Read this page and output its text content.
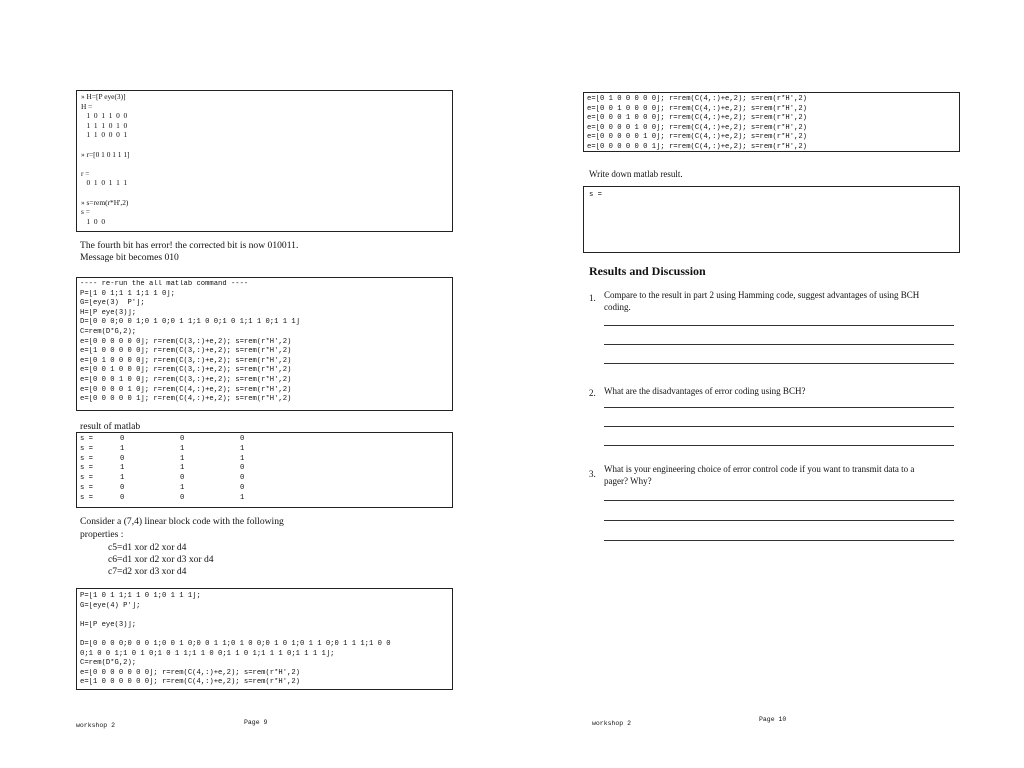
» H=[P eye(3)]
H =
1  0  1  1  0  0
1  1  1  0  1  0
1  1  0  0  0  1
» r=[0 1 0 1 1 1]
r =
0  1  0  1  1  1
» s=rem(r*H',2)
s =
1  0  0
The fourth bit has error! the corrected bit is now 010011.
Message bit becomes 010
---- re-run the all matlab command ----
P=[1 0 1;1 1 1;1 1 0];
G=[eye(3)  P'];
H=[P eye(3)];
D=[0 0 0;0 0 1;0 1 0;0 1 1;1 0 0;1 0 1;1 1 0;1 1 1]
C=rem(D*G,2);
e=[0 0 0 0 0 0]; r=rem(C(3,:)+e,2); s=rem(r*H',2)
e=[1 0 0 0 0 0]; r=rem(C(3,:)+e,2); s=rem(r*H',2)
e=[0 1 0 0 0 0]; r=rem(C(3,:)+e,2); s=rem(r*H',2)
e=[0 0 1 0 0 0]; r=rem(C(3,:)+e,2); s=rem(r*H',2)
e=[0 0 0 1 0 0]; r=rem(C(3,:)+e,2); s=rem(r*H',2)
e=[0 0 0 0 1 0]; r=rem(C(4,:)+e,2); s=rem(r*H',2)
e=[0 0 0 0 0 1]; r=rem(C(4,:)+e,2); s=rem(r*H',2)
result of matlab
s =	0	0	0
s =	1	1	1
s =	0	1	1
s =	1	1	0
s =	1	0	0
s =	0	1	0
s =	0	0	1
Consider a (7,4) linear block code with the following
properties :
c5=d1 xor d2 xor d4
c6=d1 xor d2 xor d3 xor d4
c7=d2 xor d3 xor d4
P=[1 0 1 1;1 1 0 1;0 1 1 1];
G=[eye(4) P'];
H=[P eye(3)];
D=[0 0 0 0;0 0 0 1;0 0 1 0;0 0 1 1;0 1 0 0;0 1 0 1;0 1 1 0;0 1 1 1;1 0 0
0;1 0 0 1;1 0 1 0;1 0 1 1;1 1 0 0;1 1 0 1;1 1 1 0;1 1 1 1];
C=rem(D*G,2);
e=[0 0 0 0 0 0 0]; r=rem(C(4,:)+e,2); s=rem(r*H',2)
e=[1 0 0 0 0 0 0]; r=rem(C(4,:)+e,2); s=rem(r*H',2)
workshop 2	Page 9
e=[0 1 0 0 0 0 0]; r=rem(C(4,:)+e,2); s=rem(r*H',2)
e=[0 0 1 0 0 0 0]; r=rem(C(4,:)+e,2); s=rem(r*H',2)
e=[0 0 0 1 0 0 0]; r=rem(C(4,:)+e,2); s=rem(r*H',2)
e=[0 0 0 0 1 0 0]; r=rem(C(4,:)+e,2); s=rem(r*H',2)
e=[0 0 0 0 0 1 0]; r=rem(C(4,:)+e,2); s=rem(r*H',2)
e=[0 0 0 0 0 0 1]; r=rem(C(4,:)+e,2); s=rem(r*H',2)
Write down matlab result.
s =
Results and Discussion
1. Compare to the result in part 2 using Hamming code, suggest advantages of using BCH
coding.
2. What are the disadvantages of error coding using BCH?
3. What is your engineering choice of error control code if you want to transmit data to a
pager? Why?
workshop 2
Page 10
